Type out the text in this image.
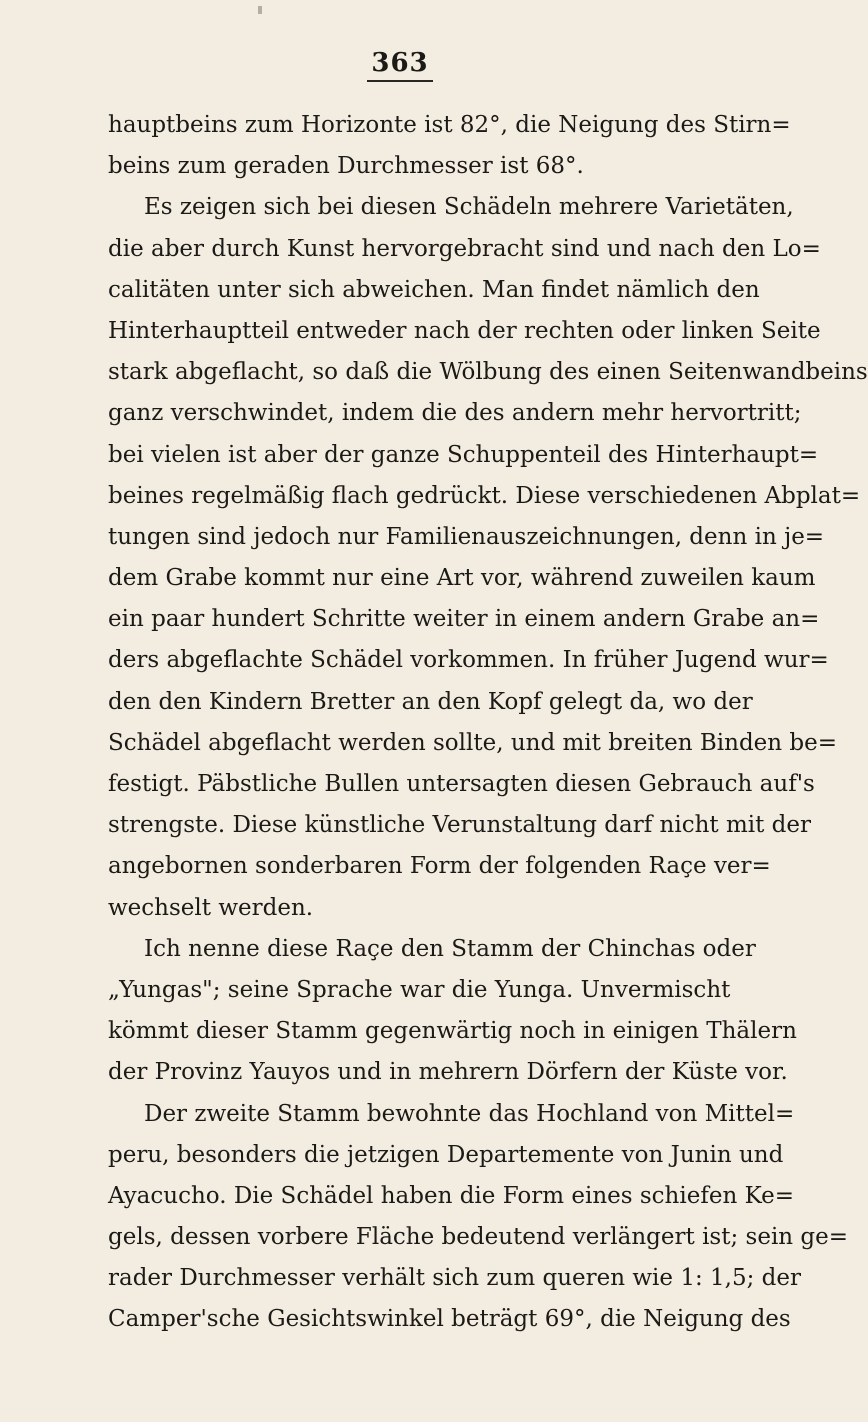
363
hauptbeins zum Horizonte ist 82°, die Neigung des Stirn=
beins zum geraden Durchmesser ist 68°.
Es zeigen sich bei diesen Schädeln mehrere Varietäten,
die aber durch Kunst hervorgebracht sind und nach den Lo=
calitäten unter sich abweichen. Man findet nämlich den
Hinterhauptteil entweder nach der rechten oder linken Seite
stark abgeflacht, so daß die Wölbung des einen Seitenwandbeins
ganz verschwindet, indem die des andern mehr hervortritt;
bei vielen ist aber der ganze Schuppenteil des Hinterhaupt=
beines regelmäßig flach gedrückt. Diese verschiedenen Abplat=
tungen sind jedoch nur Familienauszeichnungen, denn in je=
dem Grabe kommt nur eine Art vor, während zuweilen kaum
ein paar hundert Schritte weiter in einem andern Grabe an=
ders abgeflachte Schädel vorkommen. In früher Jugend wur=
den den Kindern Bretter an den Kopf gelegt da, wo der
Schädel abgeflacht werden sollte, und mit breiten Binden be=
festigt. Päbstliche Bullen untersagten diesen Gebrauch auf's
strengste. Diese künstliche Verunstaltung darf nicht mit der
angebornen sonderbaren Form der folgenden Raçe ver=
wechselt werden.
Ich nenne diese Raçe den Stamm der Chinchas oder
„Yungas"; seine Sprache war die Yunga. Unvermischt
kömmt dieser Stamm gegenwärtig noch in einigen Thälern
der Provinz Yauyos und in mehrern Dörfern der Küste vor.
Der zweite Stamm bewohnte das Hochland von Mittel=
peru, besonders die jetzigen Departemente von Junin und
Ayacucho. Die Schädel haben die Form eines schiefen Ke=
gels, dessen vorbere Fläche bedeutend verlängert ist; sein ge=
rader Durchmesser verhält sich zum queren wie 1: 1,5; der
Camper'sche Gesichtswinkel beträgt 69°, die Neigung des
